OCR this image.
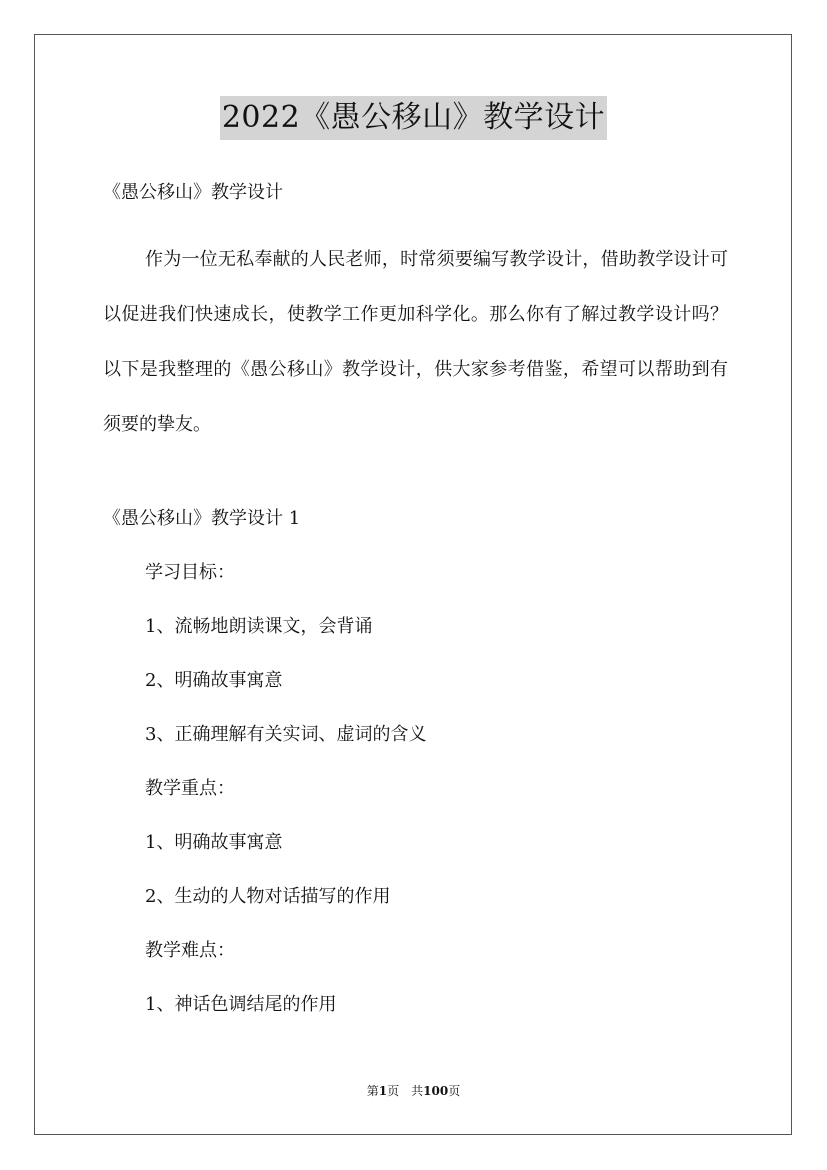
2022《愚公移山》教学设计
《愚公移山》教学设计
作为一位无私奉献的人民老师，时常须要编写教学设计，借助教学设计可以促进我们快速成长，使教学工作更加科学化。那么你有了解过教学设计吗？以下是我整理的《愚公移山》教学设计，供大家参考借鉴，希望可以帮助到有须要的挚友。
《愚公移山》教学设计 1
学习目标：
1、流畅地朗读课文，会背诵
2、明确故事寓意
3、正确理解有关实词、虚词的含义
教学重点：
1、明确故事寓意
2、生动的人物对话描写的作用
教学难点：
1、神话色调结尾的作用
第1页　共100页
